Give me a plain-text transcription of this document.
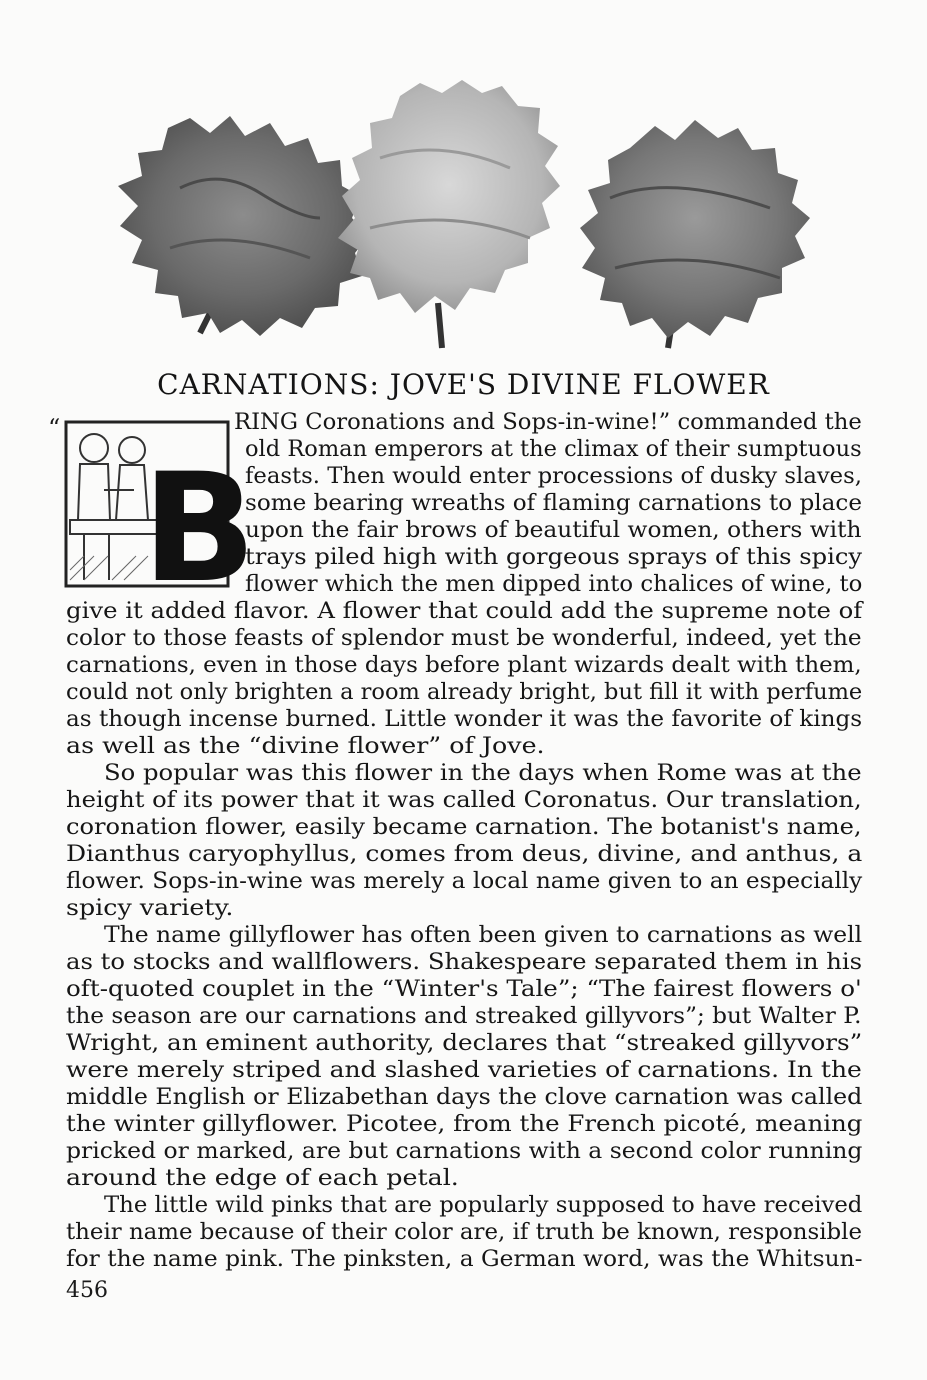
CARNATIONS: JOVE'S DIVINE FLOWER
“
B

RING Coronations and Sops-in-wine!” commanded the

old Roman emperors at the climax of their sumptuous

feasts. Then would enter processions of dusky slaves,

some bearing wreaths of flaming carnations to place

upon the fair brows of beautiful women, others with

trays piled high with gorgeous sprays of this spicy

flower which the men dipped into chalices of wine, to

give it added flavor. A flower that could add the supreme note of

color to those feasts of splendor must be wonderful, indeed, yet the

carnations, even in those days before plant wizards dealt with them,

could not only brighten a room already bright, but fill it with perfume

as though incense burned. Little wonder it was the favorite of kings

as well as the “divine flower” of Jove.

So popular was this flower in the days when Rome was at the

height of its power that it was called Coronatus. Our translation,

coronation flower, easily became carnation. The botanist's name,

Dianthus caryophyllus, comes from deus, divine, and anthus, a

flower. Sops-in-wine was merely a local name given to an especially

spicy variety.

The name gillyflower has often been given to carnations as well

as to stocks and wallflowers. Shakespeare separated them in his

oft-quoted couplet in the “Winter's Tale”; “The fairest flowers o'

the season are our carnations and streaked gillyvors”; but Walter P.

Wright, an eminent authority, declares that “streaked gillyvors”

were merely striped and slashed varieties of carnations. In the

middle English or Elizabethan days the clove carnation was called

the winter gillyflower. Picotee, from the French picoté, meaning

pricked or marked, are but carnations with a second color running

around the edge of each petal.

The little wild pinks that are popularly supposed to have received

their name because of their color are, if truth be known, responsible

for the name pink. The pinksten, a German word, was the Whitsun-

456
